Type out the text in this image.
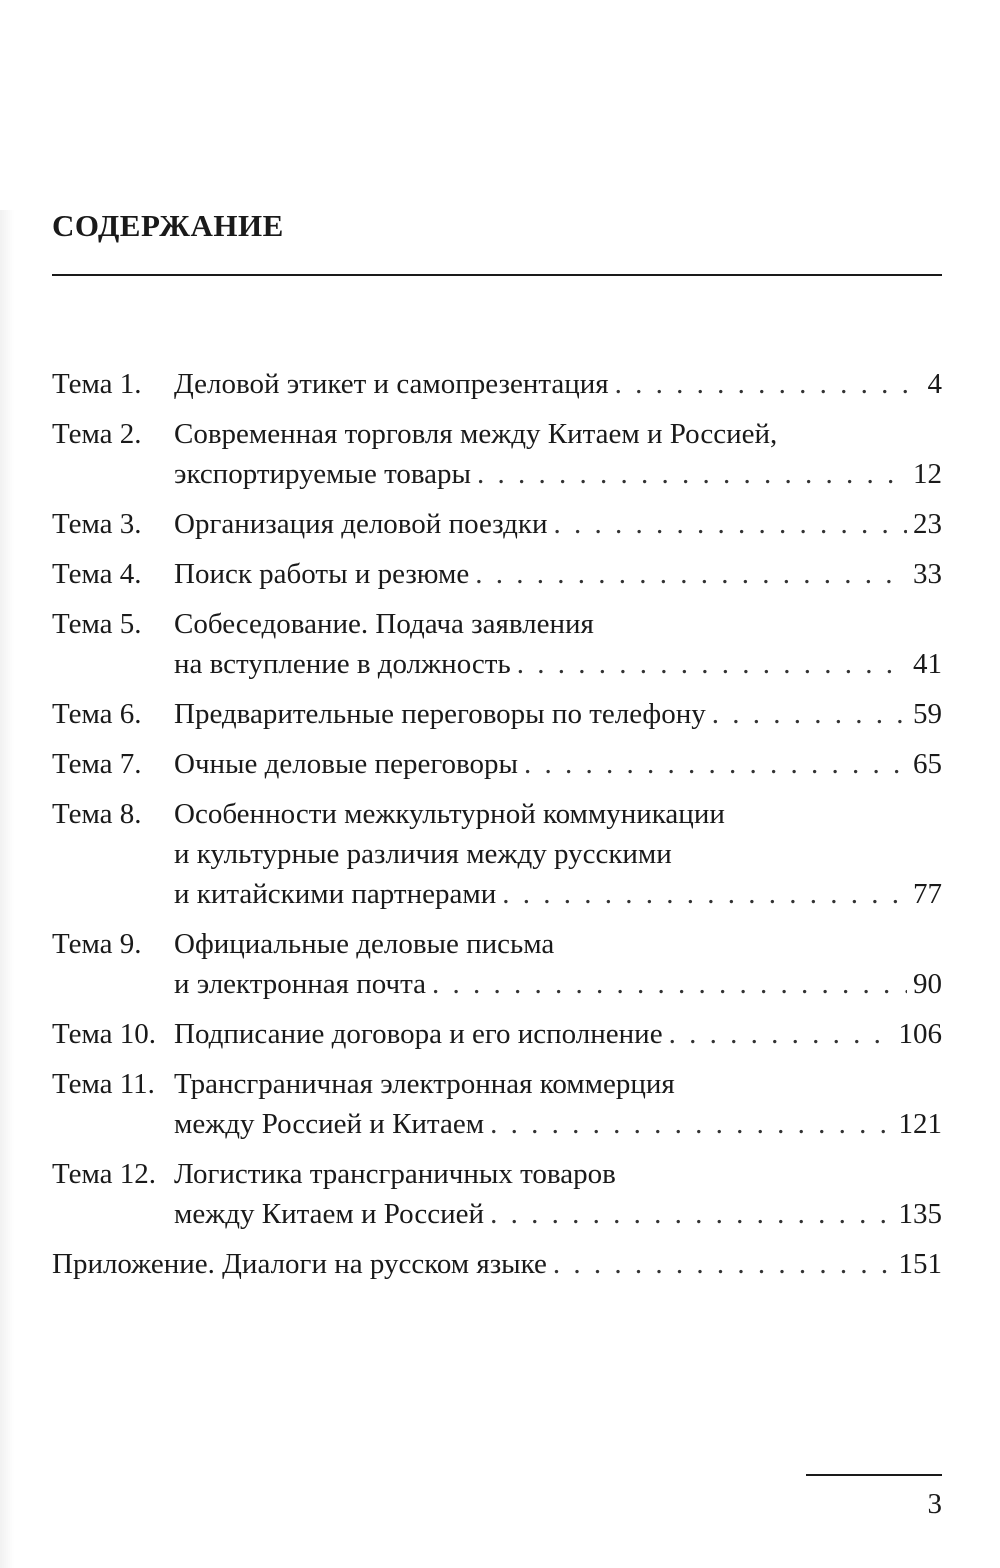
СОДЕРЖАНИЕ
Тема 1.	Деловой этикет и самопрезентация . . .	4
Тема 2.	Современная торговля между Китаем и Россией,
экспортируемые товары . . .	12
Тема 3.	Организация деловой поездки . . .	23
Тема 4.	Поиск работы и резюме . . .	33
Тема 5.	Собеседование. Подача заявления
на вступление в должность . . .	41
Тема 6.	Предварительные переговоры по телефону . . .	59
Тема 7.	Очные деловые переговоры . . .	65
Тема 8.	Особенности межкультурной коммуникации
и культурные различия между русскими
и китайскими партнерами . . .	77
Тема 9.	Официальные деловые письма
и электронная почта . . .	90
Тема 10. Подписание договора и его исполнение . . .	106
Тема 11. Трансграничная электронная коммерция
между Россией и Китаем . . .	121
Тема 12. Логистика трансграничных товаров
между Китаем и Россией . . .	135
Приложение. Диалоги на русском языке . . .	151
3
